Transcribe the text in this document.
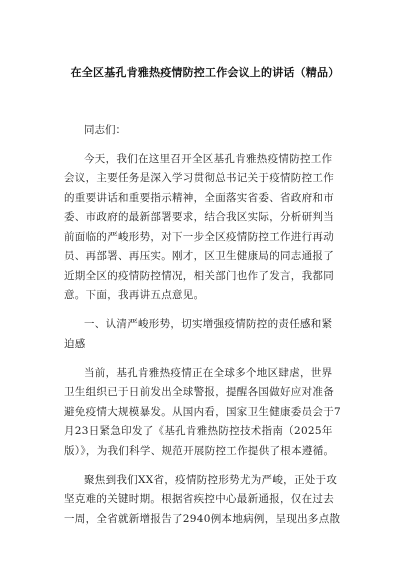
在全区基孔肯雅热疫情防控工作会议上的讲话（精品）
同志们：
今天，我们在这里召开全区基孔肯雅热疫情防控工作
会议，主要任务是深入学习贯彻总书记关于疫情防控工作
的重要讲话和重要指示精神，全面落实省委、省政府和市
委、市政府的最新部署要求，结合我区实际，分析研判当
前面临的严峻形势，对下一步全区疫情防控工作进行再动
员、再部署、再压实。刚才，区卫生健康局的同志通报了
近期全区的疫情防控情况，相关部门也作了发言，我都同
意。下面，我再讲五点意见。
一、认清严峻形势，切实增强疫情防控的责任感和紧
迫感
当前，基孔肯雅热疫情正在全球多个地区肆虐，世界
卫生组织已于日前发出全球警报，提醒各国做好应对准备
避免疫情大规模暴发。从国内看，国家卫生健康委员会于7
月23日紧急印发了《基孔肯雅热防控技术指南（2025年
版）》，为我们科学、规范开展防控工作提供了根本遵循。
聚焦到我们XX省，疫情防控形势尤为严峻，正处于攻
坚克难的关键时期。根据省疾控中心最新通报，仅在过去
一周，全省就新增报告了2940例本地病例，呈现出多点散
